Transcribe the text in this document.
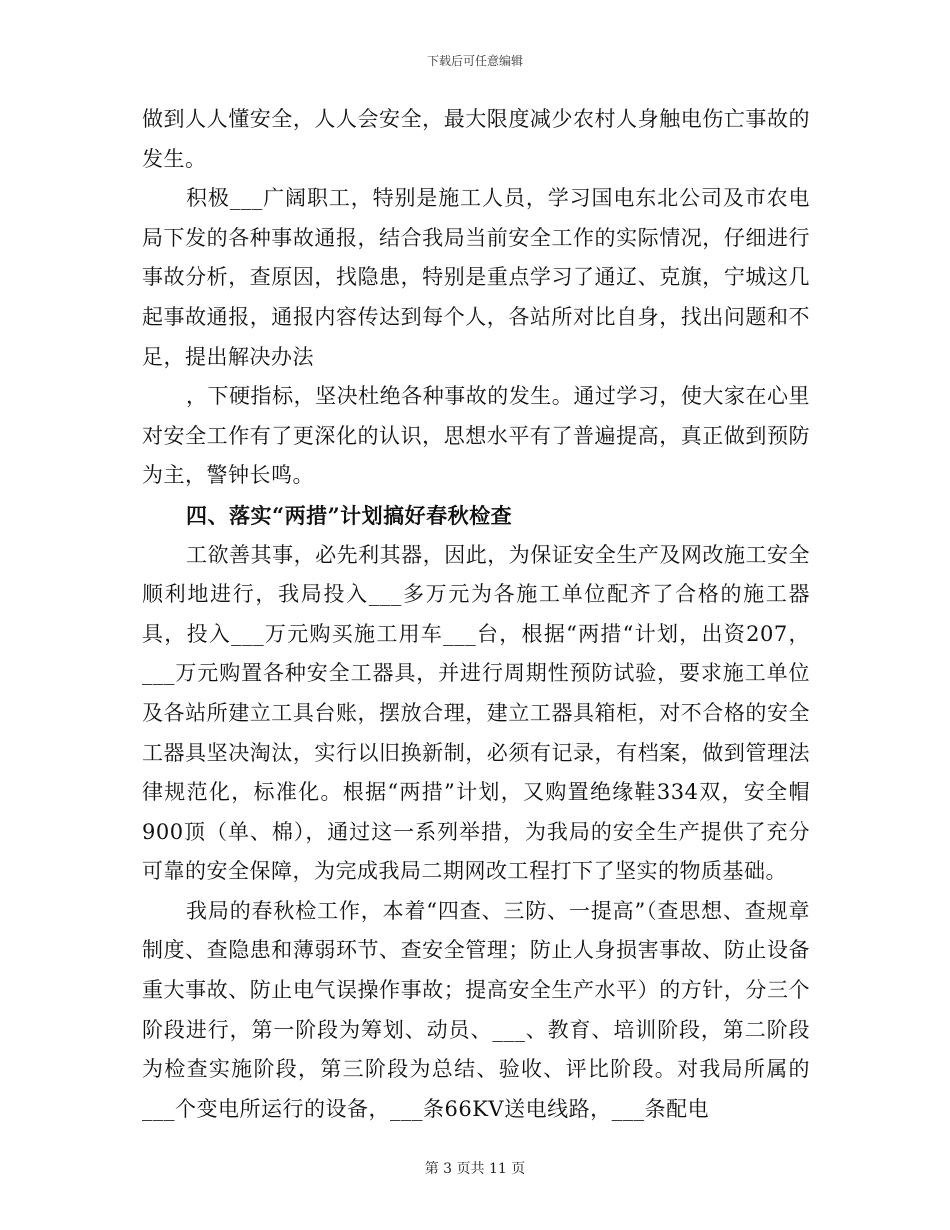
下载后可任意编辑

做到人人懂安全，人人会安全，最大限度减少农村人身触电伤亡事故的发生。

积极___广阔职工，特别是施工人员，学习国电东北公司及市农电局下发的各种事故通报，结合我局当前安全工作的实际情况，仔细进行事故分析，查原因，找隐患，特别是重点学习了通辽、克旗，宁城这几起事故通报，通报内容传达到每个人，各站所对比自身，找出问题和不足，提出解决办法

，下硬指标，坚决杜绝各种事故的发生。通过学习，使大家在心里对安全工作有了更深化的认识，思想水平有了普遍提高，真正做到预防为主，警钟长鸣。

四、落实“两措”计划搞好春秋检查

工欲善其事，必先利其器，因此，为保证安全生产及网改施工安全顺利地进行，我局投入___多万元为各施工单位配齐了合格的施工器具，投入___万元购买施工用车___台，根据“两措“计划，出资207，___万元购置各种安全工器具，并进行周期性预防试验，要求施工单位及各站所建立工具台账，摆放合理，建立工器具箱柜，对不合格的安全工器具坚决淘汰，实行以旧换新制，必须有记录，有档案，做到管理法律规范化，标准化。根据“两措”计划，又购置绝缘鞋334双，安全帽900顶（单、棉），通过这一系列举措，为我局的安全生产提供了充分可靠的安全保障，为完成我局二期网改工程打下了坚实的物质基础。

我局的春秋检工作，本着“四查、三防、一提高”（查思想、查规章制度、查隐患和薄弱环节、查安全管理；防止人身损害事故、防止设备重大事故、防止电气误操作事故；提高安全生产水平）的方针，分三个阶段进行，第一阶段为筹划、动员、___、教育、培训阶段，第二阶段为检查实施阶段，第三阶段为总结、验收、评比阶段。对我局所属的___个变电所运行的设备，___条66KV送电线路，___条配电

第 3 页共 11 页
